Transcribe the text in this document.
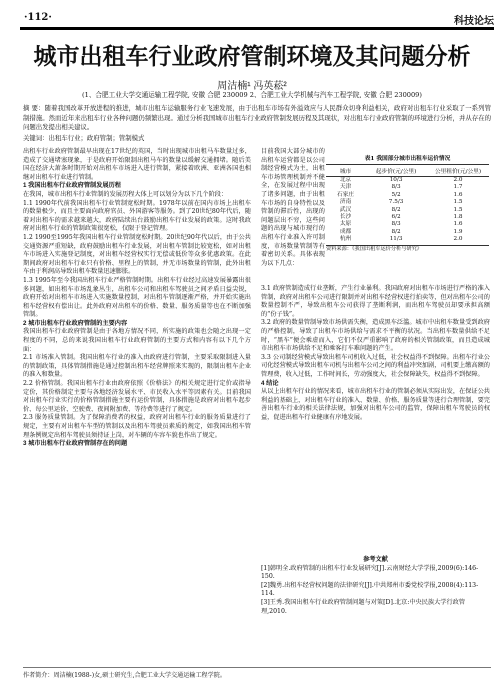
·112·	科技论坛
城市出租车行业政府管制环境及其问题分析
周洁楠¹ 冯英菘²
(1、合肥工业大学交通运输工程学院, 安徽 合肥 230009 2、合肥工业大学机械与汽车工程学院, 安徽 合肥 230009)
摘 要：随着我国改革开放进程的推进，城市出租车运输服务行业飞速发展，由于出租车市场有外溢效应与人民群众切身利益相关，政府对出租车行业采取了一系列管制措施。然而近年来出租车行业各种问题仍频繁出现。通过分析我国城市出租车行业政府管制发展历程及其现状，对出租车行业政府管制的环境进行分析，并从存在的问题出发提出相关建议。
关键词：出租车行业；政府管制；管制模式
出租车行业政府管制最早出现在17世纪的英国，当时出现城市出租马车数量过多，造成了交通堵塞现象，于是政府开始限制出租马车的数量以缓解交通拥堵。随后美国在经济大萧条时期开始对出租车市场进入进行管制，紧接着欧洲、亚洲各国也相继对出租车行业进行管制。
1 我国出租车行业政府管制发展历程
在我国，城市出租车行业管制的发展历程大体上可以划分为以下几个阶段：
1.1 1990年代前我国出租车行业管制宽松时期。1978年以前在国内市场上出租车的数量极少，而且主要面向政府官员、外国游客等服务。到了20世纪80年代后，随着对出租车的需求越来越大，政府陆续出台鼓励出租车行业发展的政策。这时我政府对出租车行业的管制政策很宽松，仅限于登记管理。
1.2 1990至1995年我国出租车行业管制宽松时期。20世纪90年代以后，由于公共交通资源严重短缺，政府鼓励出租车行业发展，对出租车管制比较宽松，如对出租车市场进入实施登记制度，对出租车经营权实行无偿或低价等众多优惠政策。在此期间政府对出租车行业只有价格、里程上的管制，并无市场数量的管制，此外出租车由于利润高导致出租车数量迅速膨胀。
1.3 1995年至今我国出租车行业严格管制时期。出租车行业经过高速发展暴露出很多问题，如出租车市场乱象丛生，出租车公司和出租车驾驶员之间矛盾日益尖锐，政府开始对出租车市场进入实施数量控制，对出租车管制逐渐严格，并开始实施出租车经营权有偿出让。此外政府对出租车的价格、数量、服务质量等也在不断加强管制。
2 城市出租车行业政府管制的主要内容
我国出租车行业政府管制是由于各地方情况不同，所实施的政策也会随之出现一定程度的不同，总的来说我国出租车行业政府管制的主要方式和内容有以下几个方面：
2.1 市场准入管制。我国出租车行业的准入由政府进行管制，主要采取限制进入量的管制政策，具体管制措施是通过控制出租车经营牌照来实现的，限制出租车企业的准入和数量。
2.2 价格管制。我国出租车行业由政府依照《价格法》的相关规定进行定价或指导定价，其价格制定主要与各地经济发展水平、市民收入水平等因素有关。目前我国对出租车行业实行的价格管制措施主要有运价管制，具体措施是政府对出租车起步价、每公里运价、空驶费、夜间附加费、等待费等进行了规定。
2.3 服务质量管制。为了保障消费者的权益，政府对出租车行业的服务质量进行了规定，主要有对出租车车型的管制以及出租车驾驶员素质的规定，如我国出租车管理条例规定出租车驾驶员须持证上岗，对车辆的车容车貌也作出了规定。
3 城市出租车行业政府管制存在的问题
目前我国大部分城市的出租车运营都是以公司制经营模式为主，出租车市场管理机制并不健全，在发展过程中出现了诸多问题，由于出租车市场的自身特性以及管制的滞后性，出现的问题层出不穷，这些问题的出现与城市现行的出租车行业准入许可制度，市场数量管制等有着密切关系。具体表现为以下几点：
表1 我国部分城市出租车运价情况
城市	起步价(元/公里)	公里租价(元/公里)
北京	10/3	2.0
天津	8/3	1.7
石家庄	5/2	1.6
济南	7.5/3	1.5
武汉	8/2	1.5
长沙	6/2	1.8
太原	8/3	1.6
成都	8/2	1.9
杭州	11/3	2.0
资料来源：《我国出租车运价分析与研究》
3.1 政府管制造成行业垄断，产生行业暴利。我国政府对出租车市场进行严格的准入管制，政府对出租车公司进行限制并对出租车经营权进行拍卖等，但对出租车公司的数量控制不严，导致出租车公司获得了垄断利润，而出租车驾驶员却要承担高额的“份子钱”。
3.2 政府的数量管制导致市场供需失衡，造成黑车泛滥。城市中出租车数量受到政府的严格控制，导致了出租车市场供给与需求不平衡的状况。当出租车数量供给不足时，“黑车”便会乘虚而入，它们不仅严重影响了政府的相关管制政策，而且造成城市出租车市场供给不足和乘客打车难问题的产生。
3.3 公司制经营模式导致出租车司机收入过低，社会权益得不到保障。出租车行业公司化经营模式导致出租车司机与出租车公司之间的利益冲突加剧，司机要上缴高额的管理费，收入过低，工作时间长，劳动强度大，社会保障缺失，权益得不到保障。
4 结论
从以上出租车行业的情况来看，城市出租车行业的管制必须从实际出发，在保证公共利益的基础上，对出租车行业的准入、数量、价格、服务质量等进行合理管制，要完善出租车行业的相关法律法规，加强对出租车公司的监管，保障出租车驾驶员的权益，促进出租车行业健康有序地发展。
参考文献
[1]韩明全.政府管制的出租车行业发展研究[J].云南财经大学学报,2009(6):146-150.
[2]魏勇.出租车经营权问题的法律研究[J].中共郑州市委党校学报,2008(4):113-114.
[3]王秀.我国出租车行业政府管制问题与对策[D].北京:中央民族大学行政管理,2010.
作者简介：周洁楠(1988-)女,硕士研究生,合肥工业大学交通运输工程学院。
